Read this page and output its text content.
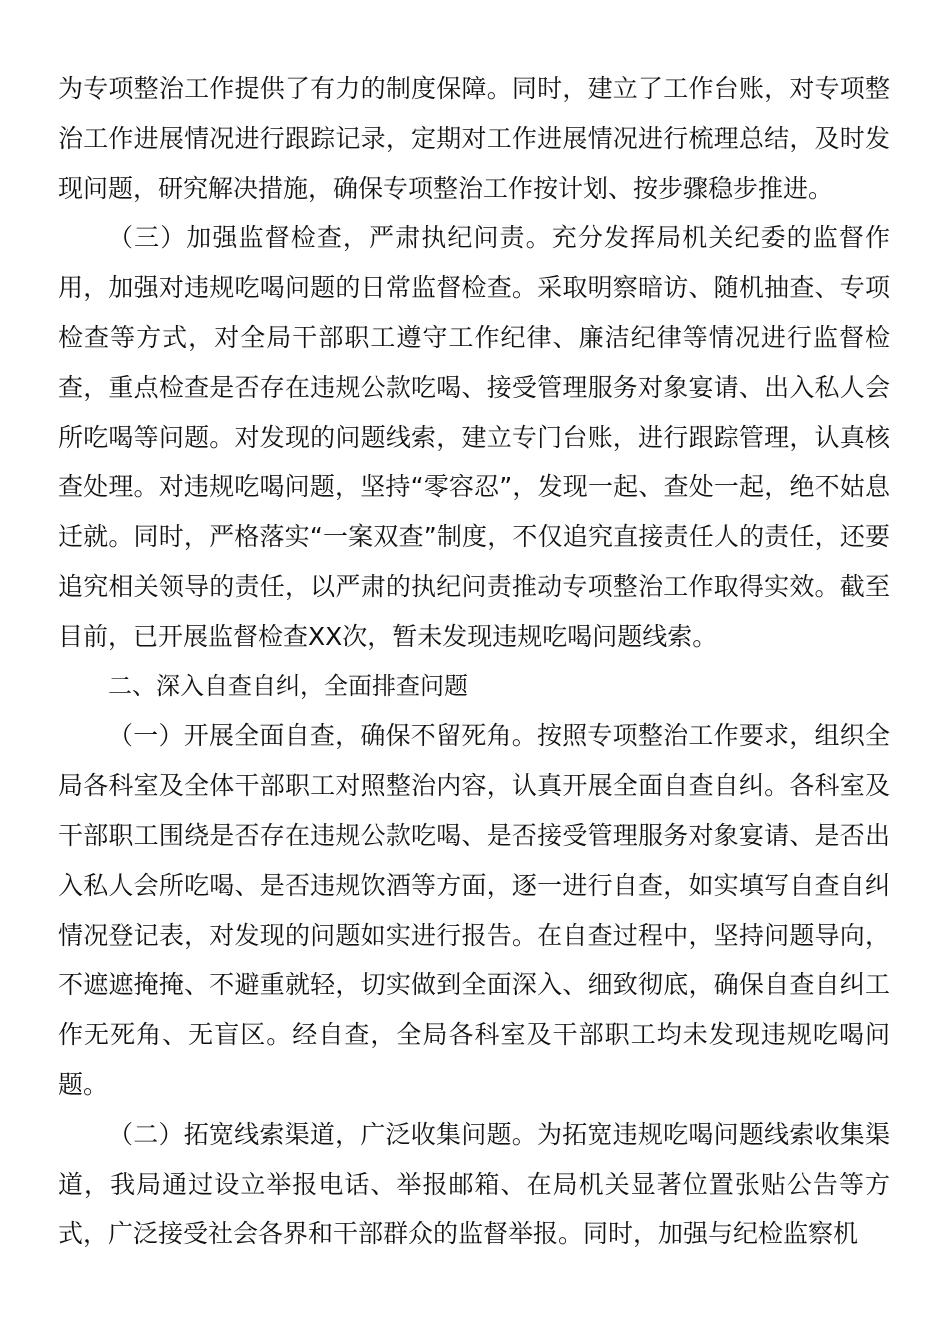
为专项整治工作提供了有力的制度保障。同时，建立了工作台账，对专项整治工作进展情况进行跟踪记录，定期对工作进展情况进行梳理总结，及时发现问题，研究解决措施，确保专项整治工作按计划、按步骤稳步推进。

（三）加强监督检查，严肃执纪问责。充分发挥局机关纪委的监督作用，加强对违规吃喝问题的日常监督检查。采取明察暗访、随机抽查、专项检查等方式，对全局干部职工遵守工作纪律、廉洁纪律等情况进行监督检查，重点检查是否存在违规公款吃喝、接受管理服务对象宴请、出入私人会所吃喝等问题。对发现的问题线索，建立专门台账，进行跟踪管理，认真核查处理。对违规吃喝问题，坚持“零容忍”，发现一起、查处一起，绝不姑息迁就。同时，严格落实“一案双查”制度，不仅追究直接责任人的责任，还要追究相关领导的责任，以严肃的执纪问责推动专项整治工作取得实效。截至目前，已开展监督检查XX次，暂未发现违规吃喝问题线索。

二、深入自查自纠，全面排查问题

（一）开展全面自查，确保不留死角。按照专项整治工作要求，组织全局各科室及全体干部职工对照整治内容，认真开展全面自查自纠。各科室及干部职工围绕是否存在违规公款吃喝、是否接受管理服务对象宴请、是否出入私人会所吃喝、是否违规饮酒等方面，逐一进行自查，如实填写自查自纠情况登记表，对发现的问题如实进行报告。在自查过程中，坚持问题导向，不遮遮掩掩、不避重就轻，切实做到全面深入、细致彻底，确保自查自纠工作无死角、无盲区。经自查，全局各科室及干部职工均未发现违规吃喝问题。

（二）拓宽线索渠道，广泛收集问题。为拓宽违规吃喝问题线索收集渠道，我局通过设立举报电话、举报邮箱、在局机关显著位置张贴公告等方式，广泛接受社会各界和干部群众的监督举报。同时，加强与纪检监察机
